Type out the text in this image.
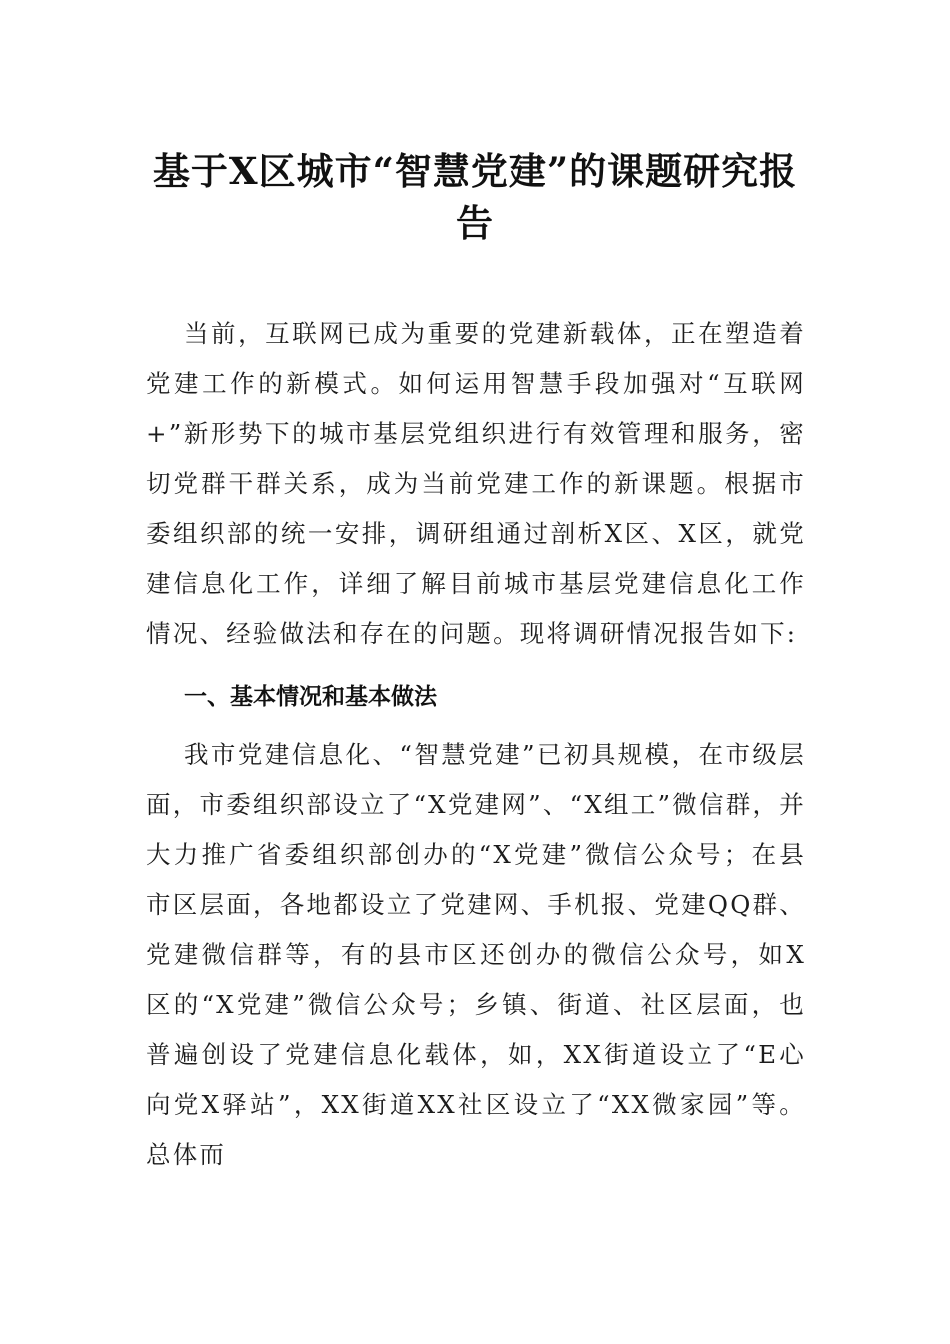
基于X区城市“智慧党建”的课题研究报告

当前，互联网已成为重要的党建新载体，正在塑造着党建工作的新模式。如何运用智慧手段加强对“互联网+”新形势下的城市基层党组织进行有效管理和服务，密切党群干群关系，成为当前党建工作的新课题。根据市委组织部的统一安排，调研组通过剖析X区、X区，就党建信息化工作，详细了解目前城市基层党建信息化工作情况、经验做法和存在的问题。现将调研情况报告如下:

一、基本情况和基本做法

我市党建信息化、“智慧党建”已初具规模，在市级层面，市委组织部设立了“X党建网”、“X组工”微信群，并大力推广省委组织部创办的“X党建”微信公众号；在县市区层面，各地都设立了党建网、手机报、党建QQ群、党建微信群等，有的县市区还创办的微信公众号，如X区的“X党建”微信公众号；乡镇、街道、社区层面，也普遍创设了党建信息化载体，如，XX街道设立了“E心向党X驿站”，XX街道XX社区设立了“XX微家园”等。总体而
